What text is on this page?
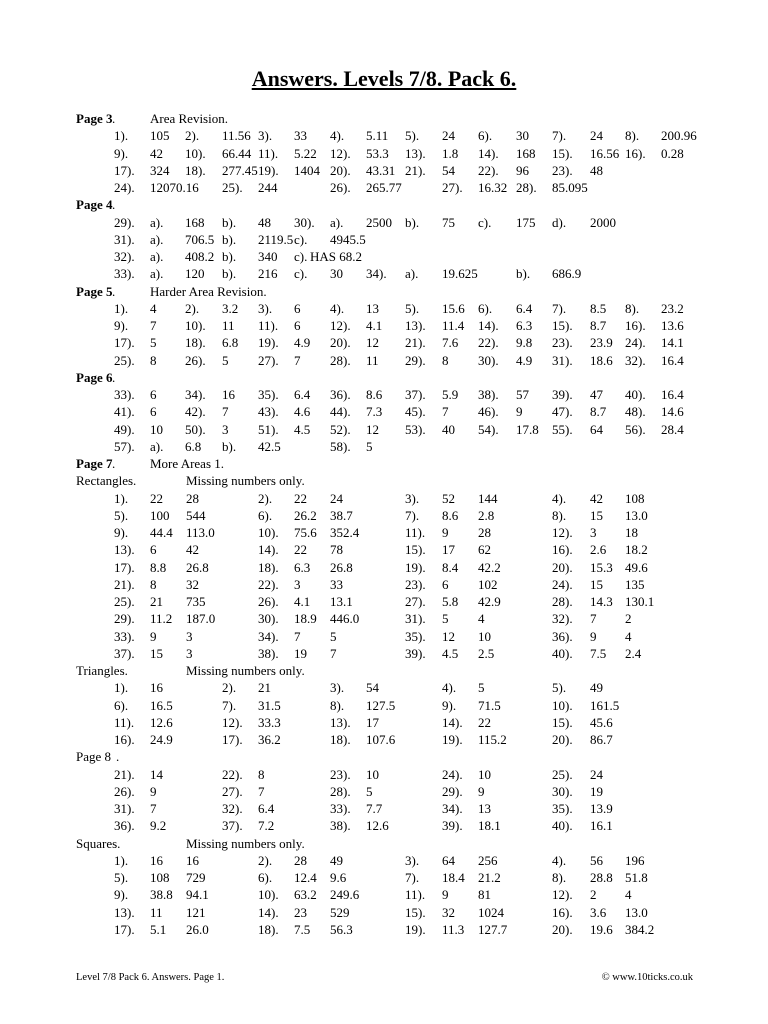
Answers. Levels 7/8. Pack 6.
Page 3 .	Area Revision.
1). 105 2). 11.56 3). 33 4). 5.11 5). 24 6). 30 7). 24 8). 200.96
9). 42 10). 66.44 11). 5.22 12). 53.3 13). 1.8 14). 168 15). 16.56 16). 0.28
17). 324 18). 277.45 19). 1404 20). 43.31 21). 54 22). 96 23). 48
24). 12070.16 25). 244	26). 265.77	27). 16.32 28). 85.095
Page 4 .
29). a). 168 b). 48 30). a). 2500 b). 75 c). 175 d). 2000
31). a). 706.5 b). 2119.5 c). 4945.5
32). a). 408.2 b). 340 c). HAS 68.2
33). a). 120 b). 216 c). 30 34). a). 19.625	b). 686.9
Page 5 .	Harder Area Revision.
1). 4 2). 3.2 3). 6 4). 13 5). 15.6 6). 6.4 7). 8.5 8). 23.2
9). 7 10). 11 11). 6 12). 4.1 13). 11.4 14). 6.3 15). 8.7 16). 13.6
17). 5 18). 6.8 19). 4.9 20). 12 21). 7.6 22). 9.8 23). 23.9 24). 14.1
25). 8 26). 5 27). 7 28). 11 29). 8 30). 4.9 31). 18.6 32). 16.4
Page 6 .
33). 6 34). 16 35). 6.4 36). 8.6 37). 5.9 38). 57 39). 47 40). 16.4
41). 6 42). 7 43). 4.6 44). 7.3 45). 7 46). 9 47). 8.7 48). 14.6
49). 10 50). 3 51). 4.5 52). 12 53). 40 54). 17.8 55). 64 56). 28.4
57). a). 6.8 b). 42.5	58). 5
Page 7 .	More Areas 1.
Rectangles.	Missing numbers only.
1). 22 28	2). 22 24	3). 52 144	4). 42 108
5). 100 544	6). 26.2 38.7	7). 8.6 2.8	8). 15 13.0
9). 44.4 113.0	10). 75.6 352.4	11). 9 28	12). 3 18
13). 6 42	14). 22 78	15). 17 62	16). 2.6 18.2
17). 8.8 26.8	18). 6.3 26.8	19). 8.4 42.2	20). 15.3 49.6
21). 8 32	22). 3 33	23). 6 102	24). 15 135
25). 21 735	26). 4.1 13.1	27). 5.8 42.9	28). 14.3 130.1
29). 11.2 187.0	30). 18.9 446.0	31). 5 4	32). 7 2
33). 9 3	34). 7 5	35). 12 10	36). 9 4
37). 15 3	38). 19 7	39). 4.5 2.5	40). 7.5 2.4
Triangles.	Missing numbers only.
1). 16	2). 21	3). 54	4). 5	5). 49
6). 16.5	7). 31.5	8). 127.5	9). 71.5	10). 161.5
11). 12.6	12). 33.3	13). 17	14). 22	15). 45.6
16). 24.9	17). 36.2	18). 107.6	19). 115.2	20). 86.7
Page 8 .
21). 14	22). 8	23). 10	24). 10	25). 24
26). 9	27). 7	28). 5	29). 9	30). 19
31). 7	32). 6.4	33). 7.7	34). 13	35). 13.9
36). 9.2	37). 7.2	38). 12.6	39). 18.1	40). 16.1
Squares.	Missing numbers only.
1). 16 16	2). 28 49	3). 64 256	4). 56 196
5). 108 729	6). 12.4 9.6	7). 18.4 21.2	8). 28.8 51.8
9). 38.8 94.1	10). 63.2 249.6	11). 9 81	12). 2 4
13). 11 121	14). 23 529	15). 32 1024	16). 3.6 13.0
17). 5.1 26.0	18). 7.5 56.3	19). 11.3 127.7	20). 19.6 384.2
Level 7/8 Pack 6. Answers. Page 1.	© www.10ticks.co.uk
